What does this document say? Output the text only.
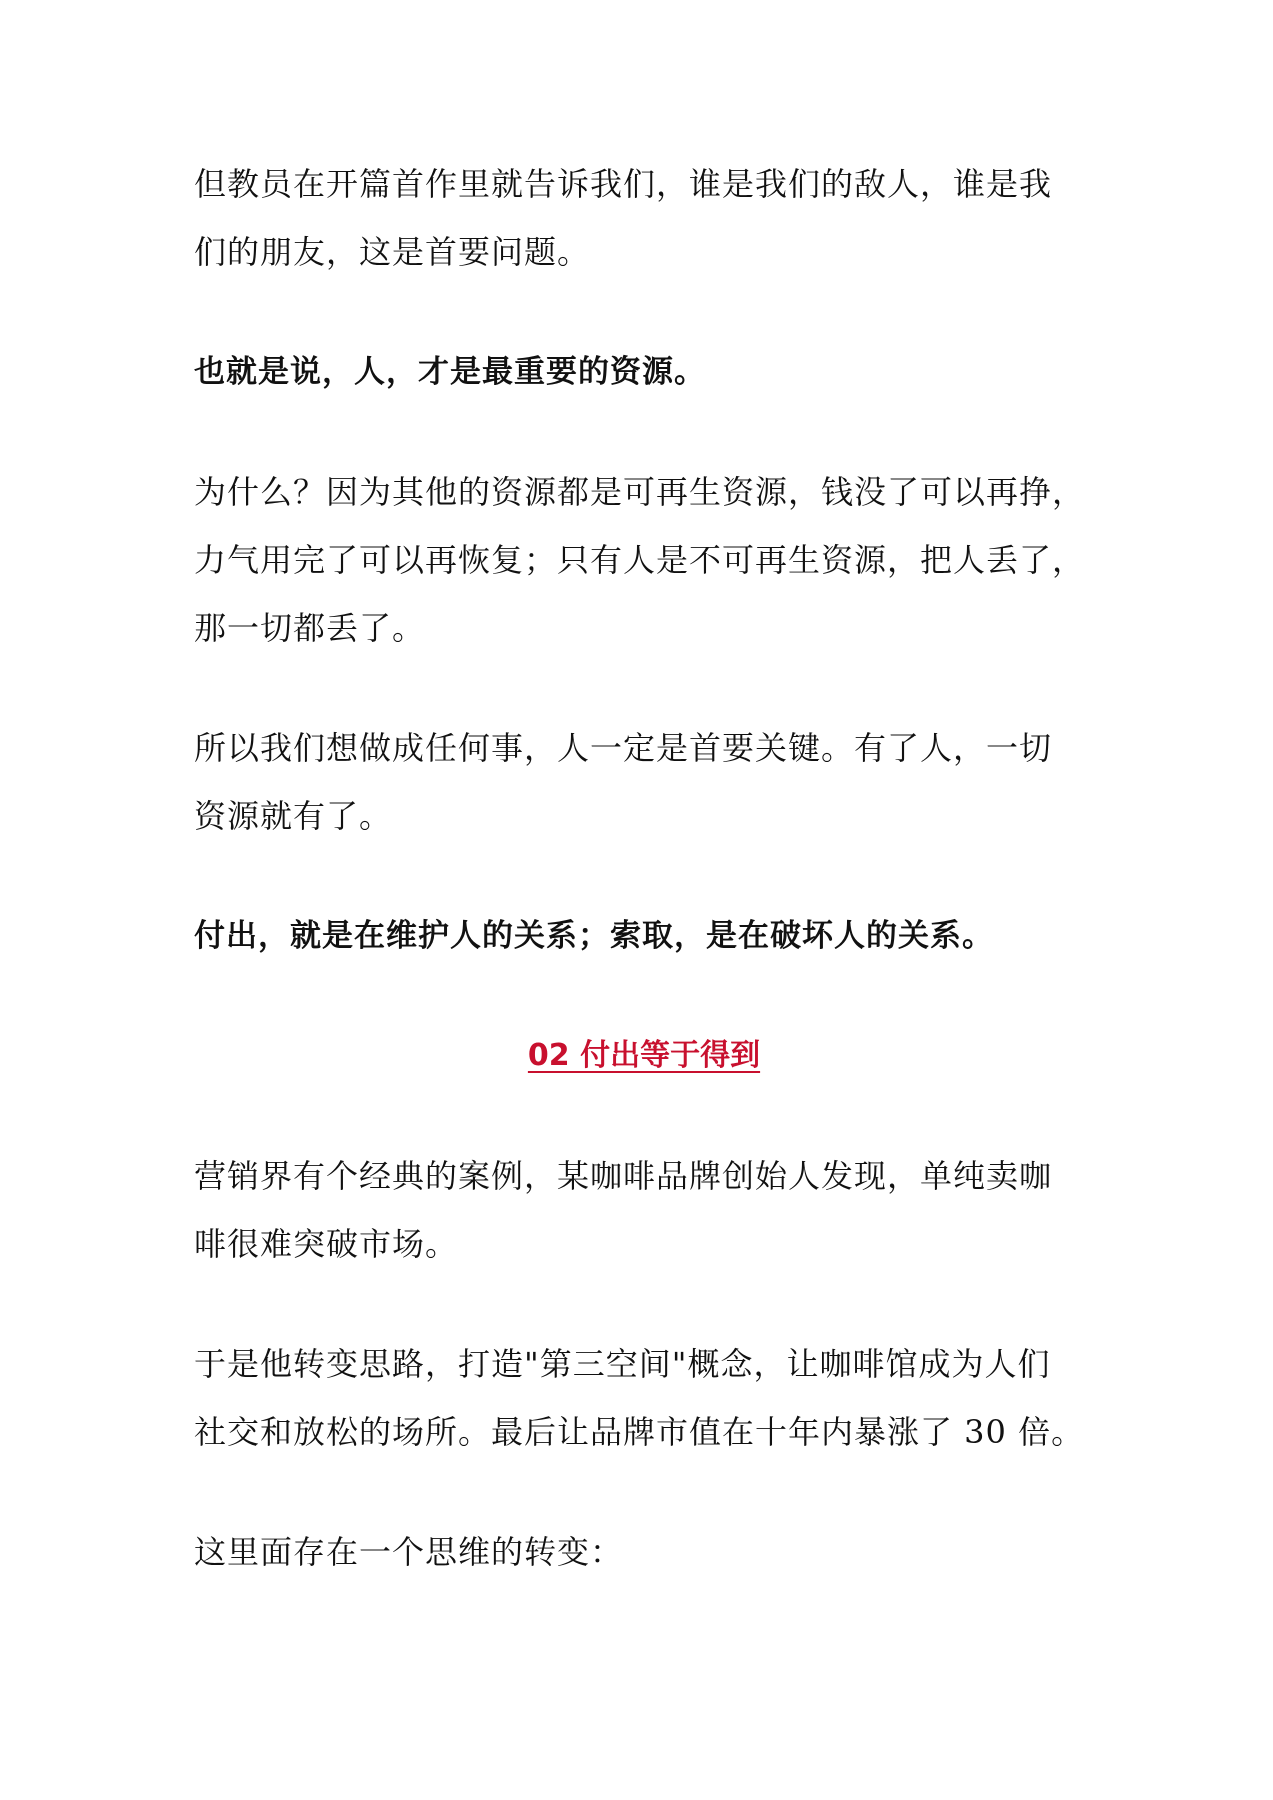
但教员在开篇首作里就告诉我们，谁是我们的敌人，谁是我
们的朋友，这是首要问题。

也就是说，人，才是最重要的资源。

为什么？因为其他的资源都是可再生资源，钱没了可以再挣，
力气用完了可以再恢复；只有人是不可再生资源，把人丢了，
那一切都丢了。

所以我们想做成任何事，人一定是首要关键。有了人，一切
资源就有了。

付出，就是在维护人的关系；索取，是在破坏人的关系。

02 付出等于得到

营销界有个经典的案例，某咖啡品牌创始人发现，单纯卖咖
啡很难突破市场。

于是他转变思路，打造"第三空间"概念，让咖啡馆成为人们
社交和放松的场所。最后让品牌市值在十年内暴涨了 30 倍。

这里面存在一个思维的转变：
